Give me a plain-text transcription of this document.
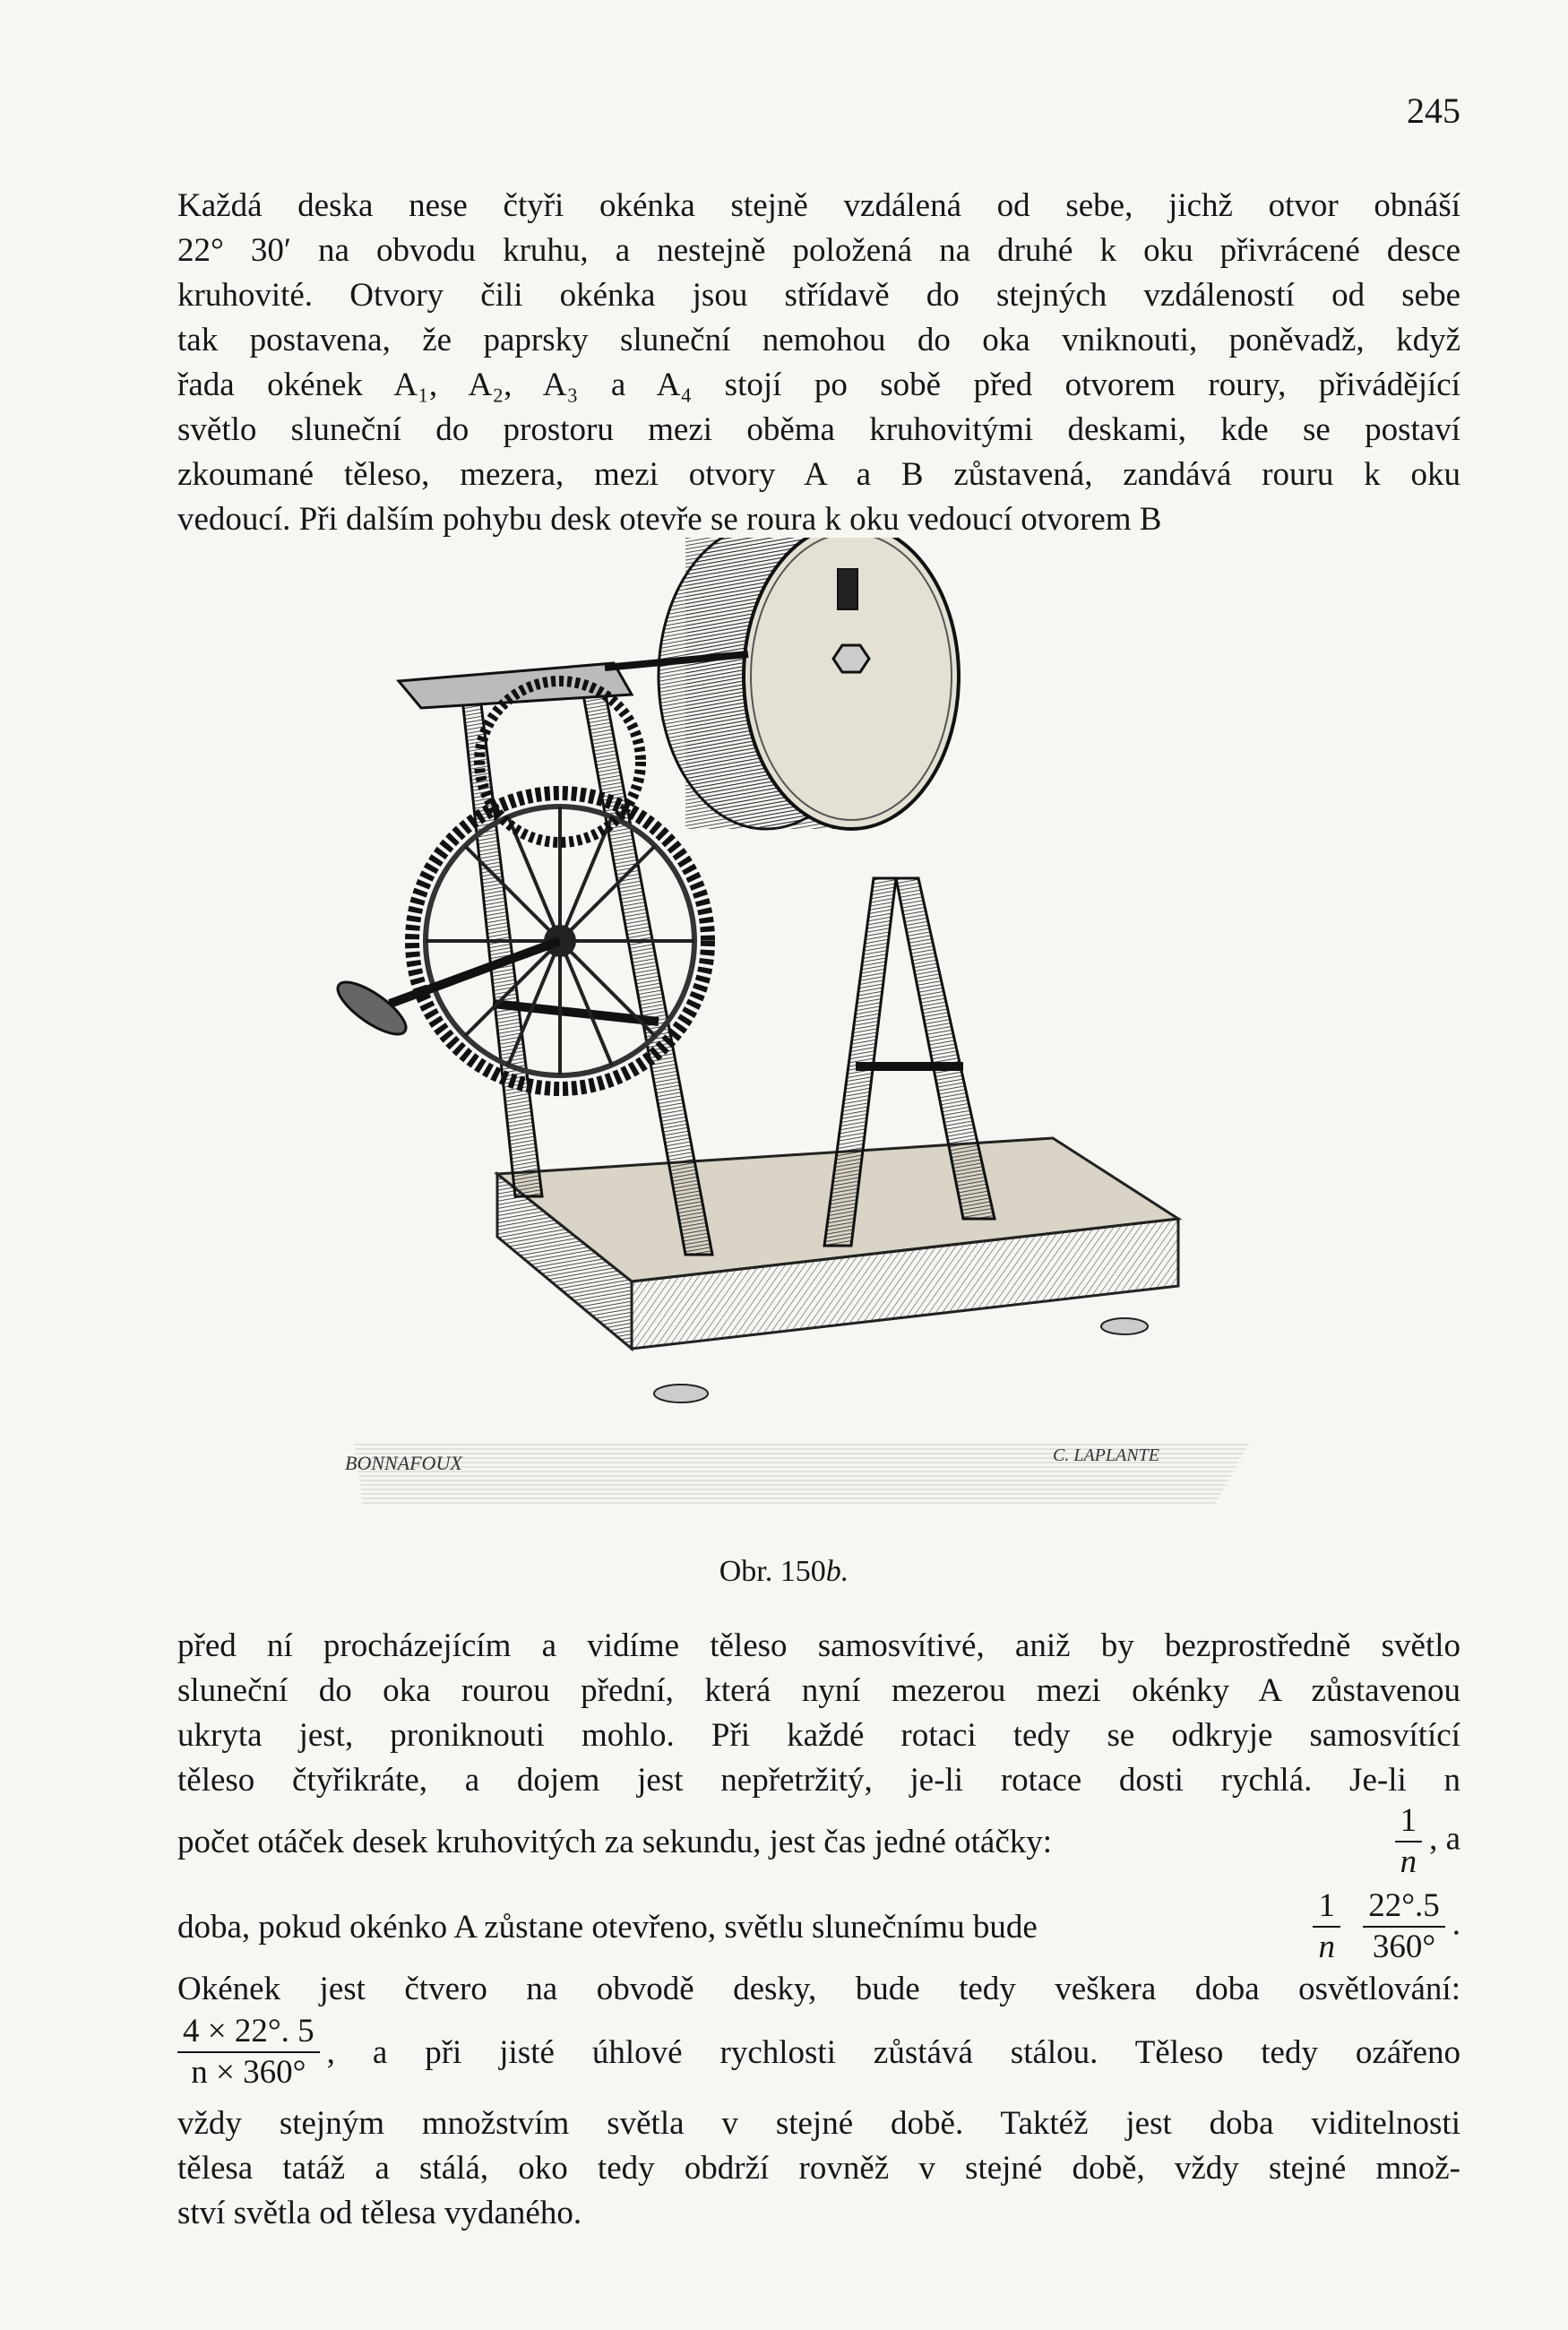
245
Každá deska nese čtyři okénka stejně vzdálená od sebe, jichž otvor obnáší
22° 30′ na obvodu kruhu, a nestejně položená na druhé k oku přivrácené desce
kruhovité. Otvory čili okénka jsou střídavě do stejných vzdáleností od sebe
tak postavena, že paprsky sluneční nemohou do oka vniknouti, poněvadž, když
řada okének A₁, A₂, A₃ a A₄ stojí po sobě před otvorem roury, přivádějící
světlo sluneční do prostoru mezi oběma kruhovitými deskami, kde se postaví
zkoumané těleso, mezera, mezi otvory A a B zůstavená, zandává rouru k oku
vedoucí. Při dalším pohybu desk otevře se roura k oku vedoucí otvorem B
BONNAFOUX	C. LAPLANTE
Obr. 150b.
před ní procházejícím a vidíme těleso samosvítivé, aniž by bezprostředně světlo
sluneční do oka rourou přední, která nyní mezerou mezi okénky A zůstavenou
ukryta jest, proniknouti mohlo. Při každé rotaci tedy se odkryje samosvítící
těleso čtyřikráte, a dojem jest nepřetržitý, je-li rotace dosti rychlá. Je-li n
počet otáček desek kruhovitých za sekundu, jest čas jedné otáčky:	$\frac{1}{n}$ , a
doba, pokud okénko A zůstane otevřeno, světlu slunečnímu bude	$\frac{1}{n}$
$\frac{22^\circ.5}{360^\circ}$ .
Okének jest čtvero na obvodě desky, bude tedy veškera doba osvětlování:
$\frac{4 \times 22^\circ. 5}{n \times 360^\circ}$ , a při jisté úhlové rychlosti zůstává stálou. Těleso tedy ozářeno
vždy stejným množstvím světla v stejné době. Taktéž jest doba viditelnosti
tělesa tatáž a stálá, oko tedy obdrží rovněž v stejné době, vždy stejné množ-
ství světla od tělesa vydaného.
